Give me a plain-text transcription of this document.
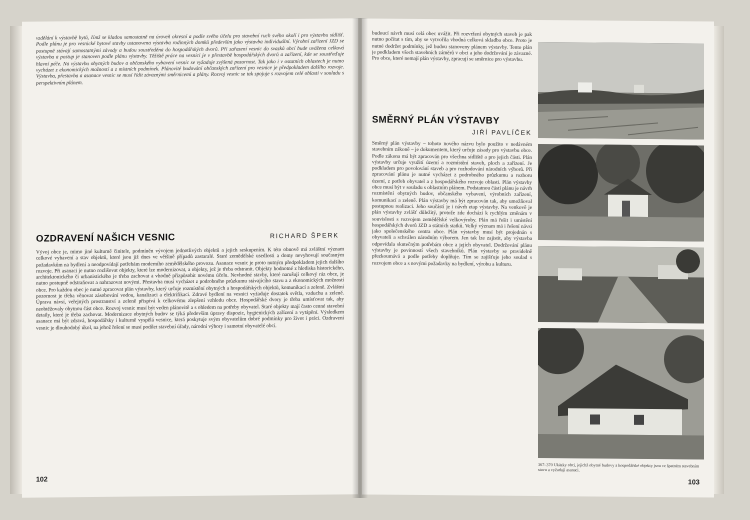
vzdělání k výstavbě bytů, čímž se kladou samostatně na úroveň okresní a podle svého účelu pro stavební ruch svého okolí i pro výstavbu sídlišť. Podle plánu je pro vesnické bytové stavby ustanovena výstavba rodinných domků především jako výstavba individuální. Výrobní zařízení JZD se postupně stávají samostatnými závody a budou soustředěna do hospodářských dvorů. Při zařazení vesnic do svazků obcí bude uvážena celková výstavba a postup je stanoven podle plánu výstavby. Těžiště práce na vesnici je v přestavbě hospodářských dvorů a zařízení, kde se soustřeďuje hlavní péče. Na výstavbu obytných budov a občanského vybavení vesnic se vyžaduje zvýšená pozornost. Tak jako i v ostatních oblastech je nutno vycházet z ekonomických možností a z místních podmínek. Plánovité budování občanských zařízení pro vesnice je předpokladem dalšího rozvoje. Výstavba, přestavba a asanace vesnic se musí řídit závaznými směrnicemi a plány. Rozvoj vesnic se tak spojuje s rozvojem celé oblasti v souladu s perspektivním plánem.
OZDRAVENÍ NAŠICH VESNIC	RICHARD ŠPERK
Vývoj obce je, mimo jiné kulturně činitele, podmíněn vývojem jednotlivých objektů a jejich seskupením. K této obnově má zvláštní význam celkové vybavení a stav objektů, které jsou již dnes ve většině případů zastaralé. Staré zemědělské usedlosti a domy nevyhovují současným požadavkům na bydlení a neodpovídají potřebám moderního zemědělského provozu. Asanace vesnic je proto nutným předpokladem jejich dalšího rozvoje. Při asanaci je nutno rozlišovat objekty, které lze modernizovat, a objekty, jež je třeba odstranit. Objekty hodnotné z hlediska historického, architektonického či urbanistického je třeba zachovat a vhodně přizpůsobit novému účelu. Nevhodné stavby, které narušují celkový ráz obce, je nutno postupně odstraňovat a nahrazovat novými. Přestavba musí vycházet z podrobného průzkumu stávajícího stavu a z ekonomických možností obce. Pro každou obec je nutné zpracovat plán výstavby, který určuje rozmístění obytných a hospodářských objektů, komunikací a zeleně. Zvláštní pozornost je třeba věnovat zásobování vodou, kanalizaci a elektrifikaci. Zdravé bydlení na vesnici vyžaduje dostatek světla, vzduchu a zeleně. Úprava návsí, veřejných prostranství a zeleně přispívá k celkovému zlepšení vzhledu obce. Hospodářské dvory je třeba umísťovat tak, aby neobtěžovaly obytnou část obce. Rozvoj vesnic musí být veden plánovitě a s ohledem na potřeby obyvatel. Staré objekty mají často cenné stavební detaily, které je třeba zachovat. Modernizace obytných budov se týká především úpravy dispozic, hygienických zařízení a vytápění. Výsledkem asanace má být zdravá, hospodářsky i kulturně vyspělá vesnice, která poskytuje svým obyvatelům dobré podmínky pro život i práci. Ozdravení vesnic je dlouhodobý úkol, na jehož řešení se musí podílet stavební úřady, národní výbory i samotní obyvatelé obcí.
102
budoucí návrh musí celá obec uvážit. Při rozvržení obytných staveb je pak nutno počítat s tím, aby se vytvořila vhodná celková skladba obce. Proto je nutné dodržet podmínky, jež budou stanoveny plánem výstavby. Tento plán je podkladem všech stavebních záměrů v obci a jeho dodržování je závazné. Pro obce, které nemají plán výstavby, zpracují se směrnice pro výstavbu.
SMĚRNÝ PLÁN VÝSTAVBY
JIŘÍ PAVLÍČEK
Směrný plán výstavby – tohoto nového názvu bylo použito v nedávném stavebním zákoně – je dokumentem, který určuje zásady pro výstavbu obce. Podle zákona má být zpracován pro všechna sídliště a pro jejich části. Plán výstavby určuje využití území a rozmístění staveb, ploch a zařízení. Je podkladem pro povolování staveb a pro rozhodování národních výborů. Při zpracování plánu je nutné vycházet z podrobného průzkumu a rozboru území, z potřeb obyvatel a z hospodářského rozvoje oblasti. Plán výstavby obce musí být v souladu s oblastním plánem. Podstatnou částí plánu je návrh rozmístění obytných budov, občanského vybavení, výrobních zařízení, komunikací a zeleně. Plán výstavby má být zpracován tak, aby umožňoval postupnou realizaci. Jeho součástí je i návrh etap výstavby. Na venkově je plán výstavby zvlášť důležitý, protože zde dochází k rychlým změnám v souvislosti s rozvojem zemědělské velkovýroby. Plán má řešit i umístění hospodářských dvorů JZD a státních statků. Velký význam má i řešení návsi jako společenského centra obce. Plán výstavby musí být projednán s obyvateli a schválen národním výborem. Jen tak lze zajistit, aby výstavba odpovídala skutečným potřebám obce a jejích obyvatel. Dodržování plánu výstavby je povinností všech stavebníků. Plán výstavby se pravidelně přezkoumává a podle potřeby doplňuje. Tím se zajišťuje jeho soulad s rozvojem obce a s novými požadavky na bydlení, výrobu a kulturu.
367–370 Ukázky obcí, jejichž obytné budovy a hospodářské objekty jsou ve špatném stavebním stavu a vyžadují asanaci.
103
